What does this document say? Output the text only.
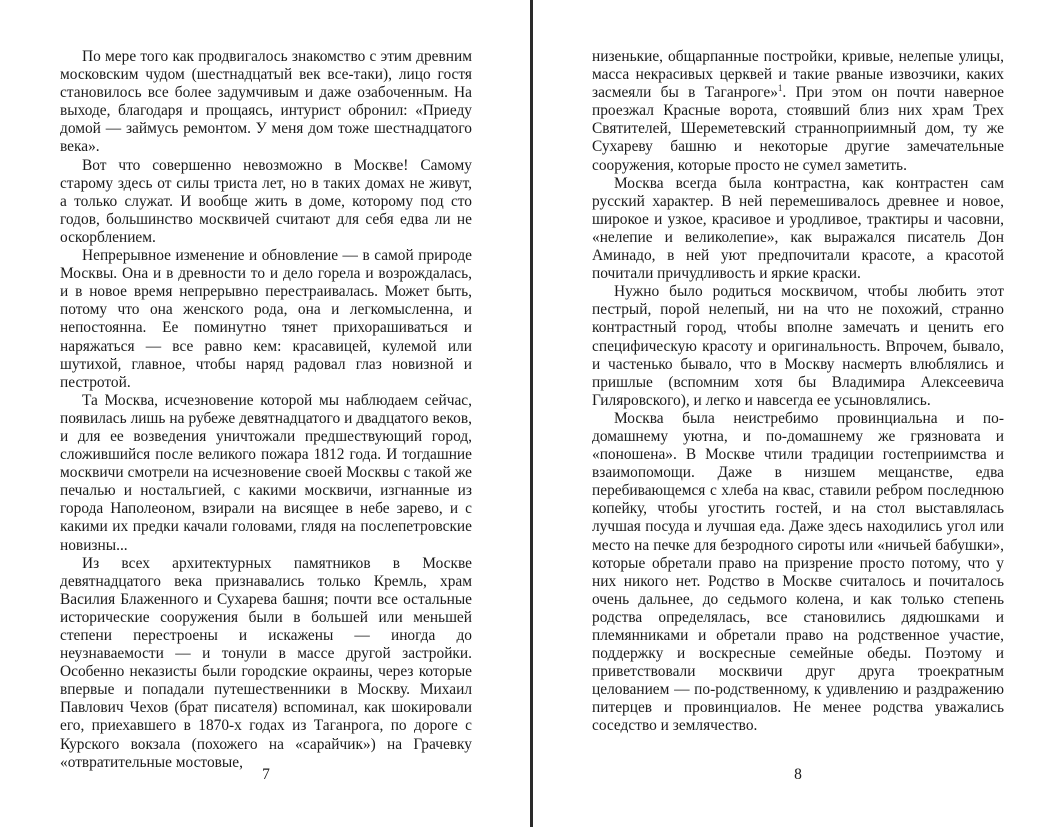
По мере того как продвигалось знакомство с этим древним московским чудом (шестнадцатый век все-таки), лицо гостя становилось все более задумчивым и даже озабоченным. На выходе, благодаря и прощаясь, интурист обронил: «Приеду домой — займусь ремонтом. У меня дом тоже шестнадцатого века».

Вот что совершенно невозможно в Москве! Самому старому здесь от силы триста лет, но в таких домах не живут, а только служат. И вообще жить в доме, которому под сто годов, большинство москвичей считают для себя едва ли не оскорблением.

Непрерывное изменение и обновление — в самой природе Москвы. Она и в древности то и дело горела и возрождалась, и в новое время непрерывно перестраивалась. Может быть, потому что она женского рода, она и легкомысленна, и непостоянна. Ее поминутно тянет прихорашиваться и наряжаться — все равно кем: красавицей, кулемой или шутихой, главное, чтобы наряд радовал глаз новизной и пестротой.

Та Москва, исчезновение которой мы наблюдаем сейчас, появилась лишь на рубеже девятнадцатого и двадцатого веков, и для ее возведения уничтожали предшествующий город, сложившийся после великого пожара 1812 года. И тогдашние москвичи смотрели на исчезновение своей Москвы с такой же печалью и ностальгией, с какими москвичи, изгнанные из города Наполеоном, взирали на висящее в небе зарево, и с какими их предки качали головами, глядя на послепетровские новизны...

Из всех архитектурных памятников в Москве девятнадцатого века признавались только Кремль, храм Василия Блаженного и Сухарева башня; почти все остальные исторические сооружения были в большей или меньшей степени перестроены и искажены — иногда до неузнаваемости — и тонули в массе другой застройки. Особенно неказисты были городские окраины, через которые впервые и попадали путешественники в Москву. Михаил Павлович Чехов (брат писателя) вспоминал, как шокировали его, приехавшего в 1870-х годах из Таганрога, по дороге с Курского вокзала (похожего на «сарайчик») на Грачевку «отвратительные мостовые,

7

низенькие, общарпанные постройки, кривые, нелепые улицы, масса некрасивых церквей и такие рваные извозчики, каких засмеяли бы в Таганроге»$^1$. При этом он почти наверное проезжал Красные ворота, стоявший близ них храм Трех Святителей, Шереметевский странноприимный дом, ту же Сухареву башню и некоторые другие замечательные сооружения, которые просто не сумел заметить.

Москва всегда была контрастна, как контрастен сам русский характер. В ней перемешивалось древнее и новое, широкое и узкое, красивое и уродливое, трактиры и часовни, «нелепие и великолепие», как выражался писатель Дон Аминадо, в ней уют предпочитали красоте, а красотой почитали причудливость и яркие краски.

Нужно было родиться москвичом, чтобы любить этот пестрый, порой нелепый, ни на что не похожий, странно контрастный город, чтобы вполне замечать и ценить его специфическую красоту и оригинальность. Впрочем, бывало, и частенько бывало, что в Москву насмерть влюблялись и пришлые (вспомним хотя бы Владимира Алексеевича Гиляровского), и легко и навсегда ее усыновлялись.

Москва была неистребимо провинциальна и по-домашнему уютна, и по-домашнему же грязновата и «поношена». В Москве чтили традиции гостеприимства и взаимопомощи. Даже в низшем мещанстве, едва перебивающемся с хлеба на квас, ставили ребром последнюю копейку, чтобы угостить гостей, и на стол выставлялась лучшая посуда и лучшая еда. Даже здесь находились угол или место на печке для безродного сироты или «ничьей бабушки», которые обретали право на призрение просто потому, что у них никого нет. Родство в Москве считалось и почиталось очень дальнее, до седьмого колена, и как только степень родства определялась, все становились дядюшками и племянниками и обретали право на родственное участие, поддержку и воскресные семейные обеды. Поэтому и приветствовали москвичи друг друга троекратным целованием — по-родственному, к удивлению и раздражению питерцев и провинциалов. Не менее родства уважались соседство и землячество.

8
